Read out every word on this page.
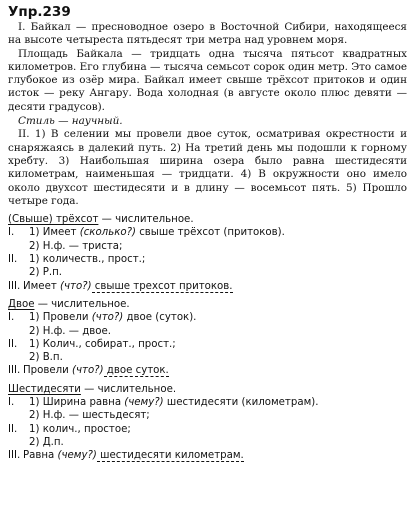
Упр.239

I. Байкал — пресноводное озеро в Восточной Сибири, находящееся на высоте четыреста пятьдесят три метра над уровнем моря.

Площадь Байкала — тридцать одна тысяча пятьсот квадратных километров. Его глубина — тысяча семьсот сорок один метр. Это самое глубокое из озёр мира. Байкал имеет свыше трёхсот притоков и один исток — реку Ангару. Вода холодная (в августе около плюс девяти — десяти градусов).

Стиль — научный.

II. 1) В селении мы провели двое суток, осматривая окрестности и снаряжаясь в далекий путь. 2) На третий день мы подошли к горному хребту. 3) Наибольшая ширина озера было равна шестидесяти километрам, наименьшая — тридцати. 4) В окружности оно имело около двухсот шестидесяти и в длину — восемьсот пять. 5) Прошло четыре года.

(Свыше) трёхсот — числительное.

I.	1) Имеет (сколько?) свыше трёхсот (притоков).
2) Н.ф. — триста;
II.	1) количеств., прост.;
2) Р.п.
III. Имеет (что?) свыше трехсот притоков.

Двое — числительное.

I.	1) Провели (что?) двое (суток).
2) Н.ф. — двое.
II.	1) Колич., собират., прост.;
2) В.п.
III. Провели (что?) двое суток.

Шестидесяти — числительное.

I.	1) Ширина равна (чему?) шестидесяти (километрам).
2) Н.ф. — шестьдесят;
II.	1) колич., простое;
2) Д.п.
III. Равна (чему?) шестидесяти километрам.
